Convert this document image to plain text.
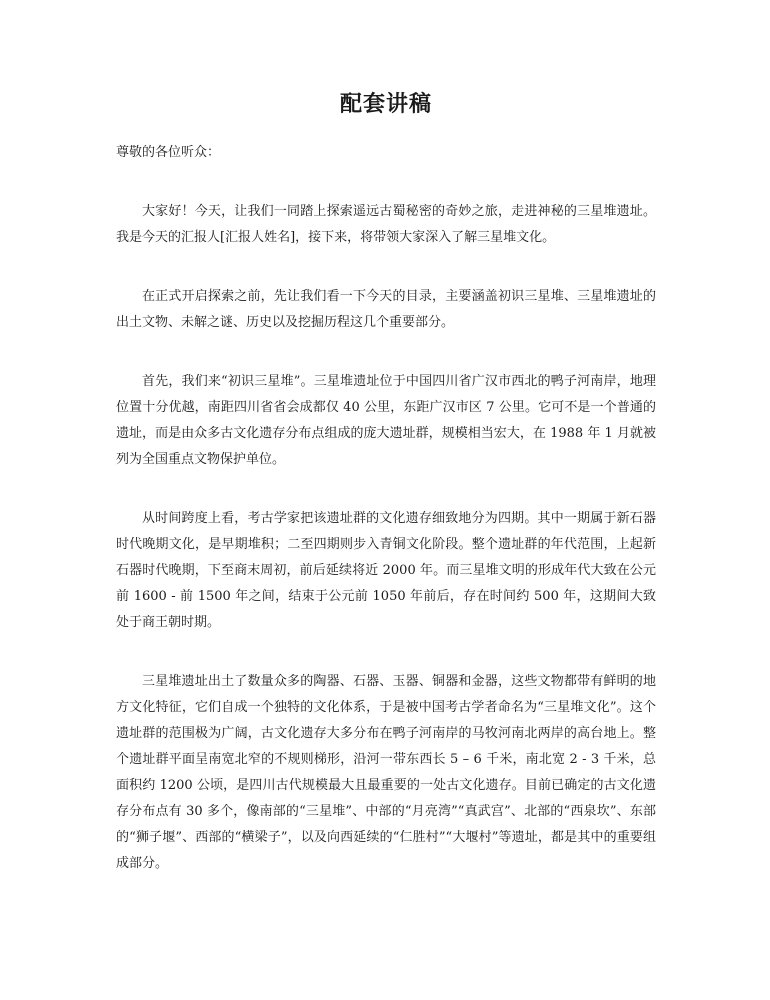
配套讲稿

尊敬的各位听众：

大家好！今天，让我们一同踏上探索遥远古蜀秘密的奇妙之旅，走进神秘的三星堆遗址。我是今天的汇报人[汇报人姓名]，接下来，将带领大家深入了解三星堆文化。

在正式开启探索之前，先让我们看一下今天的目录，主要涵盖初识三星堆、三星堆遗址的出土文物、未解之谜、历史以及挖掘历程这几个重要部分。

首先，我们来“初识三星堆”。三星堆遗址位于中国四川省广汉市西北的鸭子河南岸，地理位置十分优越，南距四川省省会成都仅 40 公里，东距广汉市区 7 公里。它可不是一个普通的遗址，而是由众多古文化遗存分布点组成的庞大遗址群，规模相当宏大，在 1988 年 1 月就被列为全国重点文物保护单位。

从时间跨度上看，考古学家把该遗址群的文化遗存细致地分为四期。其中一期属于新石器时代晚期文化，是早期堆积；二至四期则步入青铜文化阶段。整个遗址群的年代范围，上起新石器时代晚期，下至商末周初，前后延续将近 2000 年。而三星堆文明的形成年代大致在公元前 1600 - 前 1500 年之间，结束于公元前 1050 年前后，存在时间约 500 年，这期间大致处于商王朝时期。

三星堆遗址出土了数量众多的陶器、石器、玉器、铜器和金器，这些文物都带有鲜明的地方文化特征，它们自成一个独特的文化体系，于是被中国考古学者命名为“三星堆文化”。这个遗址群的范围极为广阔，古文化遗存大多分布在鸭子河南岸的马牧河南北两岸的高台地上。整个遗址群平面呈南宽北窄的不规则梯形，沿河一带东西长 5 – 6 千米，南北宽 2 - 3 千米，总面积约 1200 公顷，是四川古代规模最大且最重要的一处古文化遗存。目前已确定的古文化遗存分布点有 30 多个，像南部的“三星堆”、中部的“月亮湾”“真武宫”、北部的“西泉坎”、东部的“狮子堰”、西部的“横梁子”，以及向西延续的“仁胜村”“大堰村”等遗址，都是其中的重要组成部分。
